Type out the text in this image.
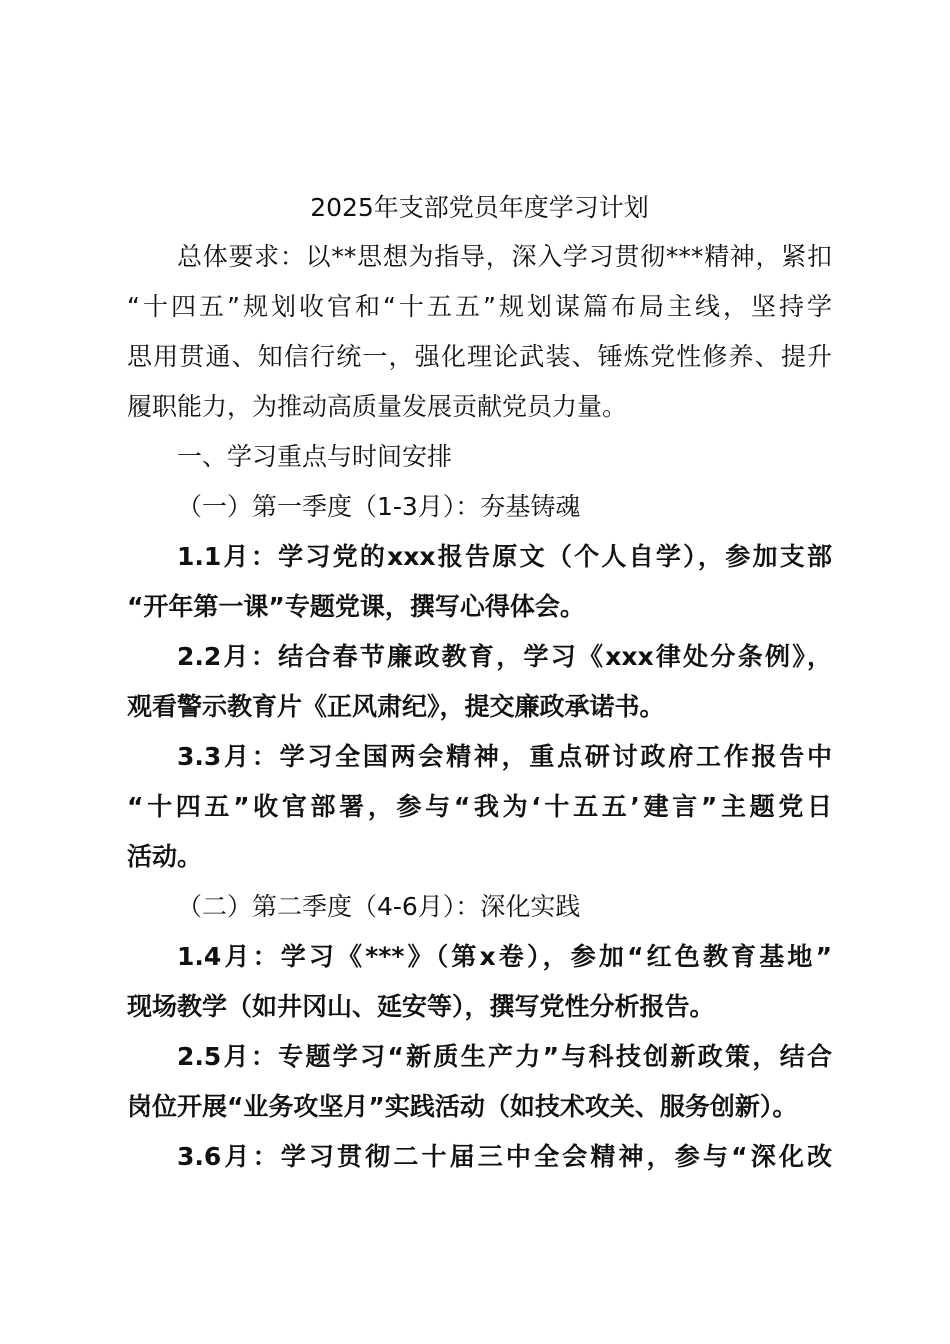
2025年支部党员年度学习计划

总体要求：以**思想为指导，深入学习贯彻***精神，紧扣
“十四五”规划收官和“十五五”规划谋篇布局主线，坚持学
思用贯通、知信行统一，强化理论武装、锤炼党性修养、提升
履职能力，为推动高质量发展贡献党员力量。

一、学习重点与时间安排

（一）第一季度（1-3月）：夯基铸魂

1.1月：学习党的xxx报告原文（个人自学），参加支部
“开年第一课”专题党课，撰写心得体会。

2.2月：结合春节廉政教育，学习《xxx律处分条例》，
观看警示教育片《正风肃纪》，提交廉政承诺书。

3.3月：学习全国两会精神，重点研讨政府工作报告中
“十四五”收官部署，参与“我为‘十五五’建言”主题党日
活动。

（二）第二季度（4-6月）：深化实践

1.4月：学习《***》（第x卷），参加“红色教育基地”
现场教学（如井冈山、延安等），撰写党性分析报告。

2.5月：专题学习“新质生产力”与科技创新政策，结合
岗位开展“业务攻坚月”实践活动（如技术攻关、服务创新）。

3.6月：学习贯彻二十届三中全会精神，参与“深化改
